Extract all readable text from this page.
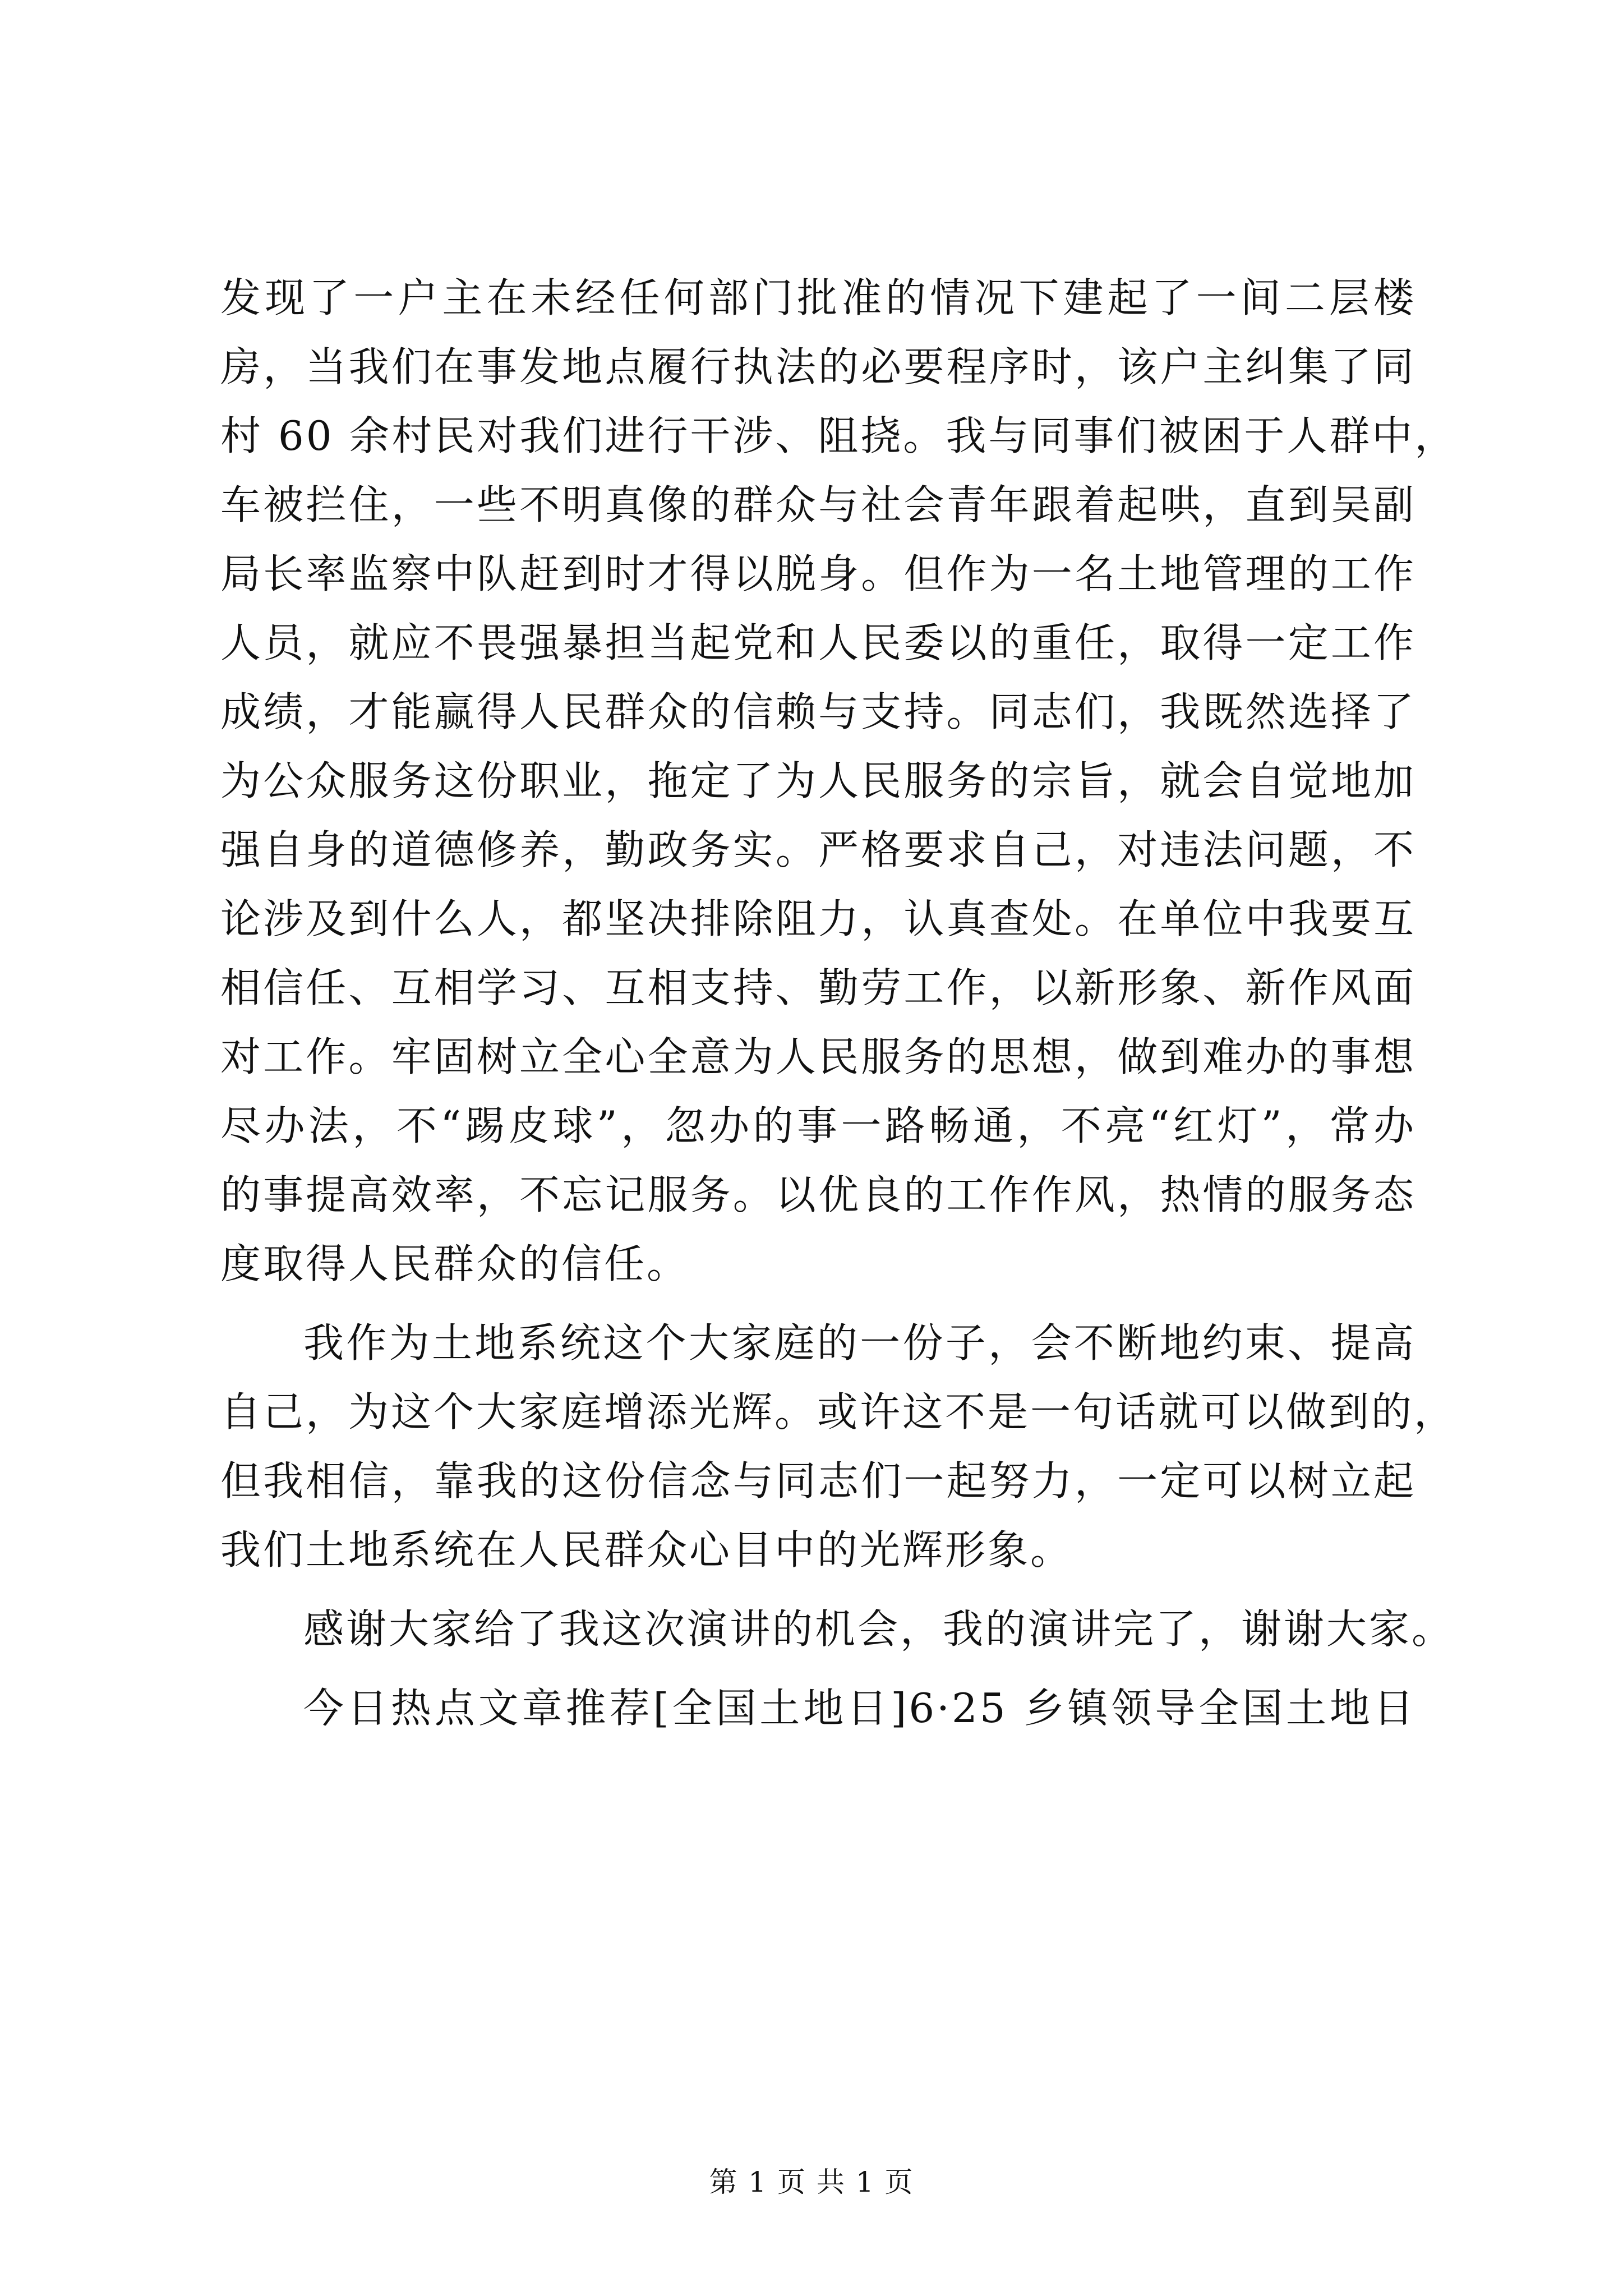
发现了一户主在未经任何部门批准的情况下建起了一间二层楼
房，当我们在事发地点履行执法的必要程序时，该户主纠集了同
村 60 余村民对我们进行干涉、阻挠。我与同事们被困于人群中，
车被拦住，一些不明真像的群众与社会青年跟着起哄，直到吴副
局长率监察中队赶到时才得以脱身。但作为一名土地管理的工作
人员，就应不畏强暴担当起党和人民委以的重任，取得一定工作
成绩，才能赢得人民群众的信赖与支持。同志们，我既然选择了
为公众服务这份职业，拖定了为人民服务的宗旨，就会自觉地加
强自身的道德修养，勤政务实。严格要求自己，对违法问题，不
论涉及到什么人，都坚决排除阻力，认真查处。在单位中我要互
相信任、互相学习、互相支持、勤劳工作，以新形象、新作风面
对工作。牢固树立全心全意为人民服务的思想，做到难办的事想
尽办法，不“踢皮球”，忽办的事一路畅通，不亮“红灯”，常办
的事提高效率，不忘记服务。以优良的工作作风，热情的服务态
度取得人民群众的信任。
我作为土地系统这个大家庭的一份子，会不断地约束、提高
自己，为这个大家庭增添光辉。或许这不是一句话就可以做到的，
但我相信，靠我的这份信念与同志们一起努力，一定可以树立起
我们土地系统在人民群众心目中的光辉形象。
感谢大家给了我这次演讲的机会，我的演讲完了，谢谢大家。
今日热点文章推荐[全国土地日]6·25 乡镇领导全国土地日
第 1 页 共 1 页
